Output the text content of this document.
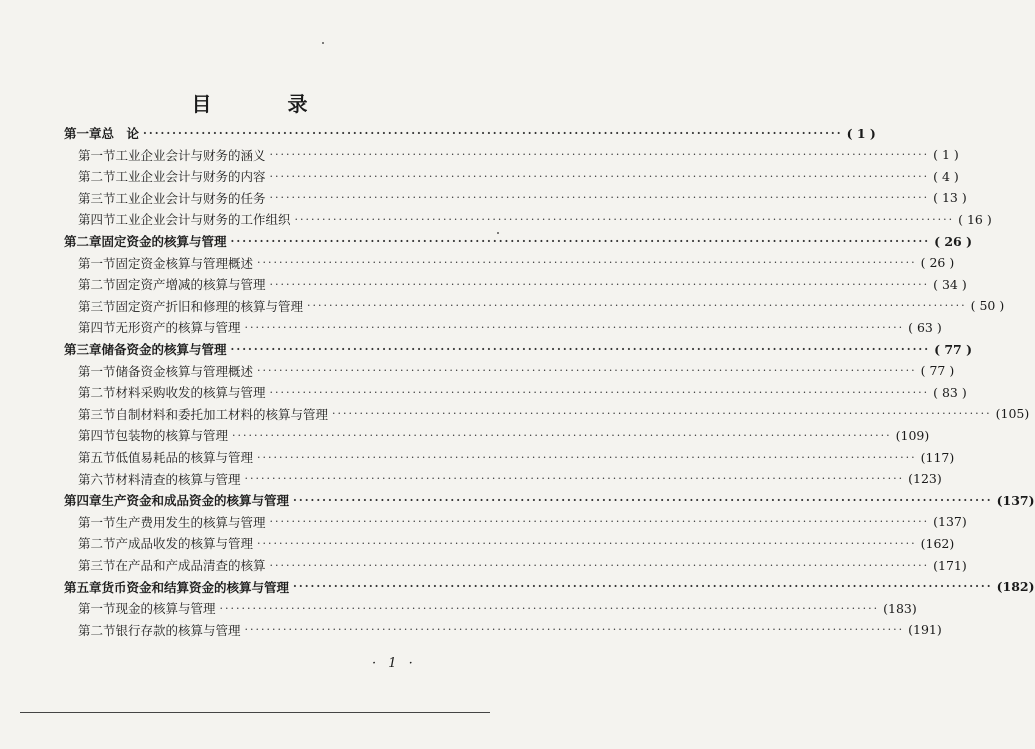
目　录
第一章 总　论 ························································································································ ( 1 )
第一节 工业企业会计与财务的涵义 ························································································································ ( 1 )
第二节 工业企业会计与财务的内容 ························································································································ ( 4 )
第三节 工业企业会计与财务的任务 ························································································································ ( 13 )
第四节 工业企业会计与财务的工作组织 ························································································································ ( 16 )
第二章 固定资金的核算与管理 ························································································································ ( 26 )
第一节 固定资金核算与管理概述 ························································································································ ( 26 )
第二节 固定资产增减的核算与管理 ························································································································ ( 34 )
第三节 固定资产折旧和修理的核算与管理 ························································································································ ( 50 )
第四节 无形资产的核算与管理 ························································································································ ( 63 )
第三章 储备资金的核算与管理 ························································································································ ( 77 )
第一节 储备资金核算与管理概述 ························································································································ ( 77 )
第二节 材料采购收发的核算与管理 ························································································································ ( 83 )
第三节 自制材料和委托加工材料的核算与管理 ························································································································ (105)
第四节 包装物的核算与管理 ························································································································ (109)
第五节 低值易耗品的核算与管理 ························································································································ (117)
第六节 材料清查的核算与管理 ························································································································ (123)
第四章 生产资金和成品资金的核算与管理 ························································································································ (137)
第一节 生产费用发生的核算与管理 ························································································································ (137)
第二节 产成品收发的核算与管理 ························································································································ (162)
第三节 在产品和产成品清查的核算 ························································································································ (171)
第五章 货币资金和结算资金的核算与管理 ························································································································ (182)
第一节 现金的核算与管理 ························································································································ (183)
第二节 银行存款的核算与管理 ························································································································ (191)
· 1 ·
